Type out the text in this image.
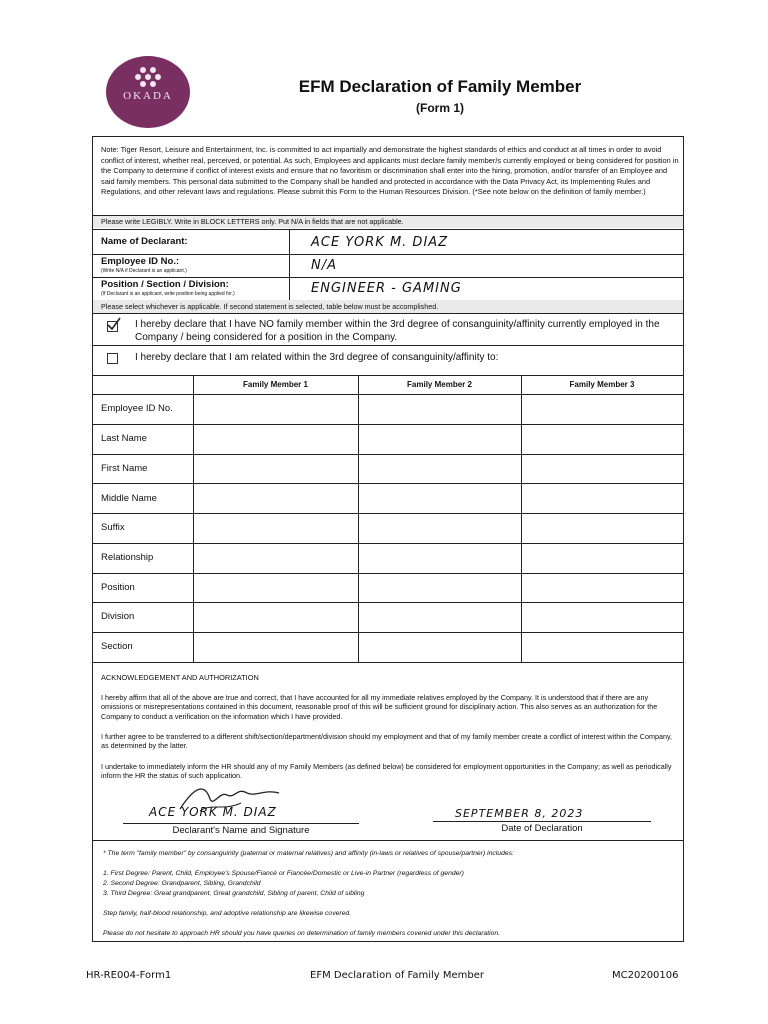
OKADA	EFM Declaration of Family Member
(Form 1)
Note: Tiger Resort, Leisure and Entertainment, Inc. is committed to act impartially and demonstrate the highest standards of ethics and conduct at all times in order to avoid conflict of interest, whether real, perceived, or potential. As such, Employees and applicants must declare family member/s currently employed or being considered for position in the Company to determine if conflict of interest exists and ensure that no favoritism or discrimination shall enter into the hiring, promotion, and/or transfer of an Employee and said family members. This personal data submitted to the Company shall be handled and protected in accordance with the Data Privacy Act, its Implementing Rules and Regulations, and other relevant laws and regulations. Please submit this Form to the Human Resources Division. (*See note below on the definition of family member.)
Please write LEGIBLY. Write in BLOCK LETTERS only. Put N/A in fields that are not applicable.
Name of Declarant:	ACE YORK M. DIAZ
Employee ID No.:
(Write N/A if Declarant is an applicant.)	N/A
Position / Section / Division:
(If Declarant is an applicant, write position being applied for.)	ENGINEER - GAMING
Please select whichever is applicable. If second statement is selected, table below must be accomplished.
I hereby declare that I have NO family member within the 3rd degree of consanguinity/affinity currently employed in the Company / being considered for a position in the Company.
I hereby declare that I am related within the 3rd degree of consanguinity/affinity to:
Family Member 1	Family Member 2	Family Member 3
Employee ID No.
Last Name
First Name
Middle Name
Suffix
Relationship
Position
Division
Section
ACKNOWLEDGEMENT AND AUTHORIZATION
I hereby affirm that all of the above are true and correct, that I have accounted for all my immediate relatives employed by the Company. It is understood that if there are any omissions or misrepresentations contained in this document, reasonable proof of this will be sufficient ground for disciplinary action. This also serves as an authorization for the Company to conduct a verification on the information which I have provided.
I further agree to be transferred to a different shift/section/department/division should my employment and that of my family member create a conflict of interest within the Company, as determined by the latter.
I undertake to immediately inform the HR should any of my Family Members (as defined below) be considered for employment opportunities in the Company; as well as periodically inform the HR the status of such application.
ACE YORK M. DIAZ
Declarant's Name and Signature
SEPTEMBER 8, 2023
Date of Declaration
* The term "family member" by consanguinity (paternal or maternal relatives) and affinity (in-laws or relatives of spouse/partner) includes:
1. First Degree: Parent, Child, Employee's Spouse/Fiancé or Fiancée/Domestic or Live-in Partner (regardless of gender)
2. Second Degree: Grandparent, Sibling, Grandchild
3. Third Degree: Great grandparent, Great grandchild, Sibling of parent, Child of sibling
Step family, half-blood relationship, and adoptive relationship are likewise covered.
Please do not hesitate to approach HR should you have queries on determination of family members covered under this declaration.
HR-RE004-Form1	EFM Declaration of Family Member	MC20200106
